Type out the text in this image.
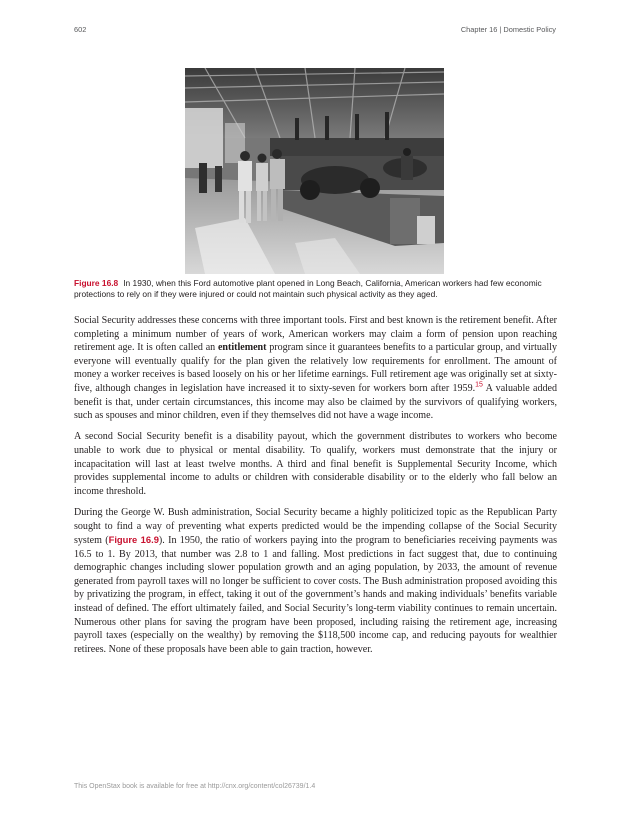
602	Chapter 16 | Domestic Policy
Figure 16.8 In 1930, when this Ford automotive plant opened in Long Beach, California, American workers had few economic protections to rely on if they were injured or could not maintain such physical activity as they aged.

Social Security addresses these concerns with three important tools. First and best known is the retirement benefit. After completing a minimum number of years of work, American workers may claim a form of pension upon reaching retirement age. It is often called an entitlement program since it guarantees benefits to a particular group, and virtually everyone will eventually qualify for the plan given the relatively low requirements for enrollment. The amount of money a worker receives is based loosely on his or her lifetime earnings. Full retirement age was originally set at sixty-five, although changes in legislation have increased it to sixty-seven for workers born after 1959.15 A valuable added benefit is that, under certain circumstances, this income may also be claimed by the survivors of qualifying workers, such as spouses and minor children, even if they themselves did not have a wage income.

A second Social Security benefit is a disability payout, which the government distributes to workers who become unable to work due to physical or mental disability. To qualify, workers must demonstrate that the injury or incapacitation will last at least twelve months. A third and final benefit is Supplemental Security Income, which provides supplemental income to adults or children with considerable disability or to the elderly who fall below an income threshold.

During the George W. Bush administration, Social Security became a highly politicized topic as the Republican Party sought to find a way of preventing what experts predicted would be the impending collapse of the Social Security system (Figure 16.9). In 1950, the ratio of workers paying into the program to beneficiaries receiving payments was 16.5 to 1. By 2013, that number was 2.8 to 1 and falling. Most predictions in fact suggest that, due to continuing demographic changes including slower population growth and an aging population, by 2033, the amount of revenue generated from payroll taxes will no longer be sufficient to cover costs. The Bush administration proposed avoiding this by privatizing the program, in effect, taking it out of the government’s hands and making individuals’ benefits variable instead of defined. The effort ultimately failed, and Social Security’s long-term viability continues to remain uncertain. Numerous other plans for saving the program have been proposed, including raising the retirement age, increasing payroll taxes (especially on the wealthy) by removing the $118,500 income cap, and reducing payouts for wealthier retirees. None of these proposals have been able to gain traction, however.

This OpenStax book is available for free at http://cnx.org/content/col26739/1.4
